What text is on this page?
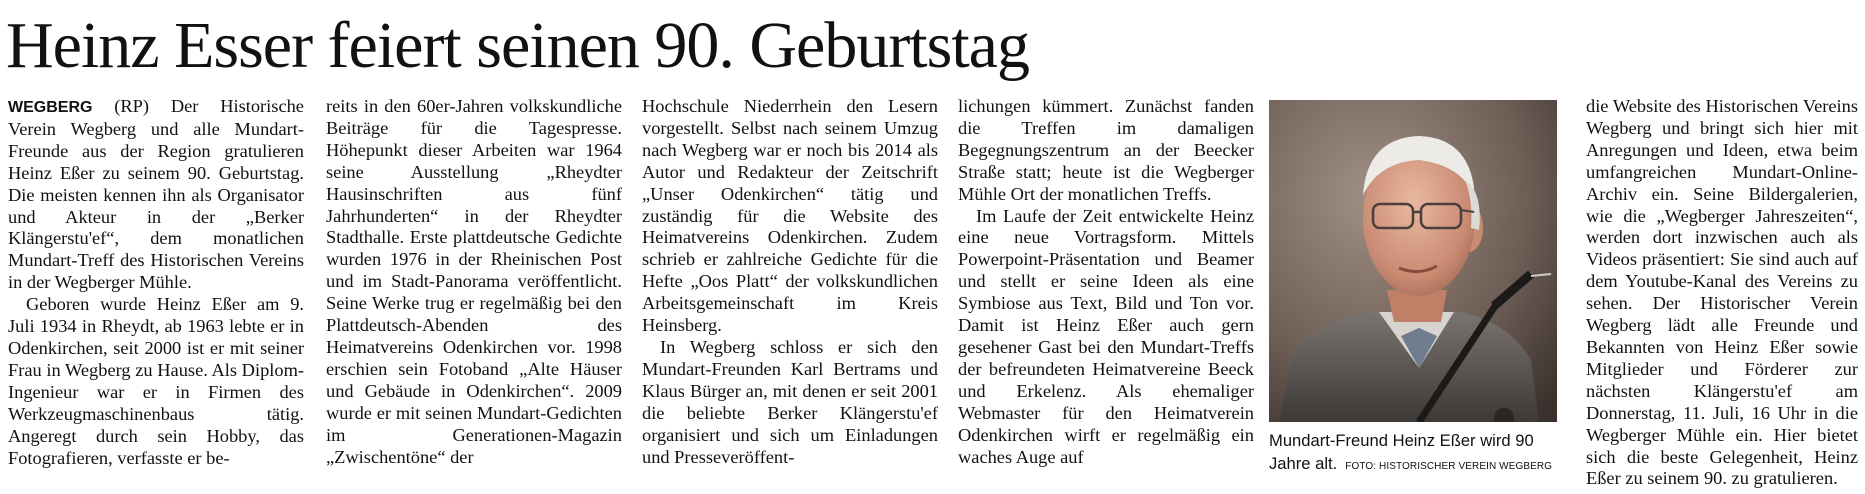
Heinz Esser feiert seinen 90. Geburtstag

WEGBERG (RP) Der Historische Verein Wegberg und alle Mundart-Freunde aus der Region gratulieren Heinz Eßer zu seinem 90. Geburtstag. Die meisten kennen ihn als Organisator und Akteur in der „Berker Klängerstu'ef“, dem monatlichen Mundart-Treff des Historischen Vereins in der Wegberger Mühle.

Geboren wurde Heinz Eßer am 9. Juli 1934 in Rheydt, ab 1963 lebte er in Odenkirchen, seit 2000 ist er mit seiner Frau in Wegberg zu Hause. Als Diplom-Ingenieur war er in Firmen des Werkzeugmaschinenbaus tätig. Angeregt durch sein Hobby, das Fotografieren, verfasste er be-

reits in den 60er-Jahren volkskundliche Beiträge für die Tagespresse. Höhepunkt dieser Arbeiten war 1964 seine Ausstellung „Rheydter Hausinschriften aus fünf Jahrhunderten“ in der Rheydter Stadthalle. Erste plattdeutsche Gedichte wurden 1976 in der Rheinischen Post und im Stadt-Panorama veröffentlicht. Seine Werke trug er regelmäßig bei den Plattdeutsch-Abenden des Heimatvereins Odenkirchen vor. 1998 erschien sein Fotoband „Alte Häuser und Gebäude in Odenkirchen“. 2009 wurde er mit seinen Mundart-Gedichten im Generationen-Magazin „Zwischentöne“ der

Hochschule Niederrhein den Lesern vorgestellt. Selbst nach seinem Umzug nach Wegberg war er noch bis 2014 als Autor und Redakteur der Zeitschrift „Unser Odenkirchen“ tätig und zuständig für die Website des Heimatvereins Odenkirchen. Zudem schrieb er zahlreiche Gedichte für die Hefte „Oos Platt“ der volkskundlichen Arbeitsgemeinschaft im Kreis Heinsberg.

In Wegberg schloss er sich den Mundart-Freunden Karl Bertrams und Klaus Bürger an, mit denen er seit 2001 die beliebte Berker Klängerstu'ef organisiert und sich um Einladungen und Presseveröffent-

lichungen kümmert. Zunächst fanden die Treffen im damaligen Begegnungszentrum an der Beecker Straße statt; heute ist die Wegberger Mühle Ort der monatlichen Treffs.

Im Laufe der Zeit entwickelte Heinz eine neue Vortragsform. Mittels Powerpoint-Präsentation und Beamer und stellt er seine Ideen als eine Symbiose aus Text, Bild und Ton vor. Damit ist Heinz Eßer auch gern gesehener Gast bei den Mundart-Treffs der befreundeten Heimatvereine Beeck und Erkelenz. Als ehemaliger Webmaster für den Heimatverein Odenkirchen wirft er regelmäßig ein waches Auge auf

Mundart-Freund Heinz Eßer wird 90 Jahre alt. FOTO: HISTORISCHER VEREIN WEGBERG

die Website des Historischen Vereins Wegberg und bringt sich hier mit Anregungen und Ideen, etwa beim umfangreichen Mundart-Online-Archiv ein. Seine Bildergalerien, wie die „Wegberger Jahreszeiten“, werden dort inzwischen auch als Videos präsentiert: Sie sind auch auf dem Youtube-Kanal des Vereins zu sehen. Der Historischer Verein Wegberg lädt alle Freunde und Bekannten von Heinz Eßer sowie Mitglieder und Förderer zur nächsten Klängerstu'ef am Donnerstag, 11. Juli, 16 Uhr in die Wegberger Mühle ein. Hier bietet sich die beste Gelegenheit, Heinz Eßer zu seinem 90. zu gratulieren.
